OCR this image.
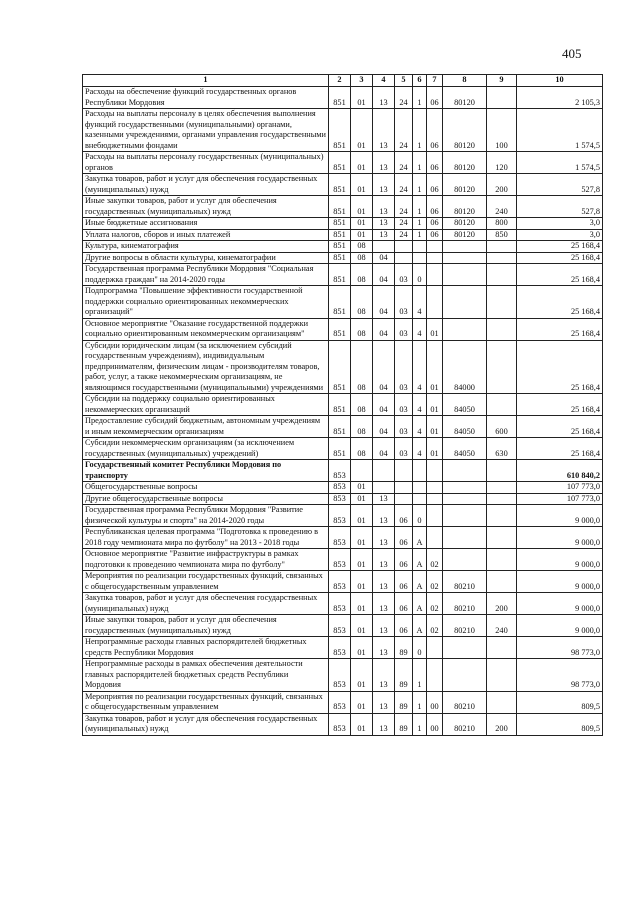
405
1	2	3	4	5	6	7	8	9	10
Расходы на обеспечение функций государственных органов Республики Мордовия	851	01	13	24	1	06	80120		2 105,3
Расходы на выплаты персоналу в целях обеспечения выполнения функций государственными (муниципальными) органами, казенными учреждениями, органами управления государственными внебюджетными фондами	851	01	13	24	1	06	80120	100	1 574,5
Расходы на выплаты персоналу государственных (муниципальных) органов	851	01	13	24	1	06	80120	120	1 574,5
Закупка товаров, работ и услуг для обеспечения государственных (муниципальных) нужд	851	01	13	24	1	06	80120	200	527,8
Иные закупки товаров, работ и услуг для обеспечения государственных (муниципальных) нужд	851	01	13	24	1	06	80120	240	527,8
Иные бюджетные ассигнования	851	01	13	24	1	06	80120	800	3,0
Уплата налогов, сборов и иных платежей	851	01	13	24	1	06	80120	850	3,0
Культура, кинематография	851	08							25 168,4
Другие вопросы в области культуры, кинематографии	851	08	04						25 168,4
Государственная программа Республики Мордовия "Социальная поддержка граждан" на 2014-2020 годы	851	08	04	03	0				25 168,4
Подпрограмма "Повышение эффективности государственной поддержки социально ориентированных некоммерческих организаций"	851	08	04	03	4				25 168,4
Основное мероприятие "Оказание государственной поддержки социально ориентированным некоммерческим организациям"	851	08	04	03	4	01			25 168,4
Субсидии юридическим лицам (за исключением субсидий государственным учреждениям), индивидуальным предпринимателям, физическим лицам - производителям товаров, работ, услуг, а также некоммерческим организациям, не являющимся государственными (муниципальными) учреждениями	851	08	04	03	4	01	84000		25 168,4
Субсидии на поддержку социально ориентированных некоммерческих организаций	851	08	04	03	4	01	84050		25 168,4
Предоставление субсидий бюджетным, автономным учреждениям и иным некоммерческим организациям	851	08	04	03	4	01	84050	600	25 168,4
Субсидии некоммерческим организациям (за исключением государственных (муниципальных) учреждений)	851	08	04	03	4	01	84050	630	25 168,4
Государственный комитет Республики Мордовия по транспорту	853								610 840,2
Общегосударственные вопросы	853	01							107 773,0
Другие общегосударственные вопросы	853	01	13						107 773,0
Государственная программа Республики Мордовия "Развитие физической культуры и спорта" на 2014-2020 годы	853	01	13	06	0				9 000,0
Республиканская целевая программа "Подготовка к проведению в 2018 году чемпионата мира по футболу" на 2013 - 2018 годы	853	01	13	06	А				9 000,0
Основное мероприятие "Развитие инфраструктуры в рамках подготовки к проведению чемпионата мира по футболу"	853	01	13	06	А	02			9 000,0
Мероприятия по реализации государственных функций, связанных с общегосударственным управлением	853	01	13	06	А	02	80210		9 000,0
Закупка товаров, работ и услуг для обеспечения государственных (муниципальных) нужд	853	01	13	06	А	02	80210	200	9 000,0
Иные закупки товаров, работ и услуг для обеспечения государственных (муниципальных) нужд	853	01	13	06	А	02	80210	240	9 000,0
Непрограммные расходы главных распорядителей бюджетных средств Республики Мордовия	853	01	13	89	0				98 773,0
Непрограммные расходы в рамках обеспечения деятельности главных распорядителей бюджетных средств Республики Мордовия	853	01	13	89	1				98 773,0
Мероприятия по реализации государственных функций, связанных с общегосударственным управлением	853	01	13	89	1	00	80210		809,5
Закупка товаров, работ и услуг для обеспечения государственных (муниципальных) нужд	853	01	13	89	1	00	80210	200	809,5
